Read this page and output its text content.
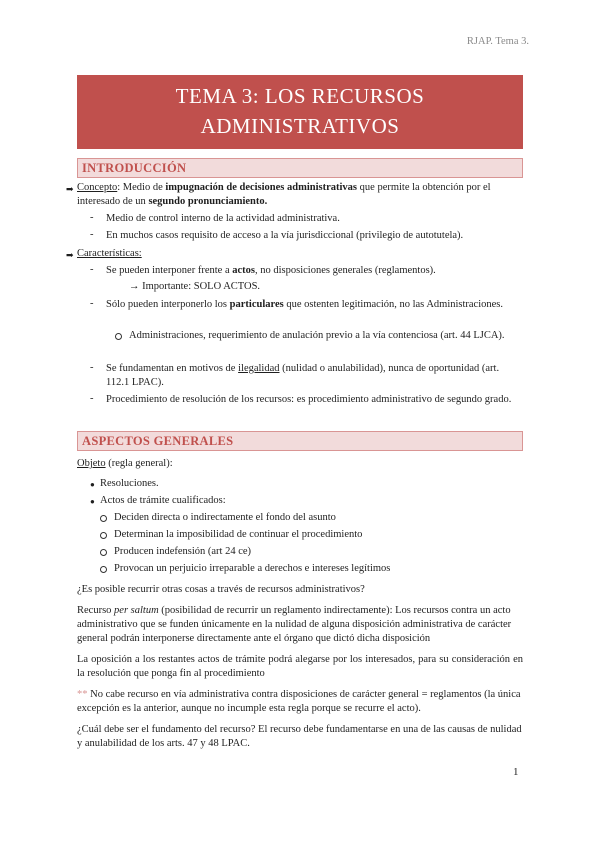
RJAP. Tema 3.
TEMA 3: LOS RECURSOS
ADMINISTRATIVOS
INTRODUCCIÓN
➡ Concepto: Medio de impugnación de decisiones administrativas que permite la obtención por el interesado de un segundo pronunciamiento.
- Medio de control interno de la actividad administrativa.
- En muchos casos requisito de acceso a la vía jurisdiccional (privilegio de autotutela).
➡ Características:
- Se pueden interponer frente a actos, no disposiciones generales (reglamentos).
→ Importante: SOLO ACTOS.
- Sólo pueden interponerlo los particulares que ostenten legitimación, no las Administraciones.
Administraciones, requerimiento de anulación previo a la vía contenciosa (art. 44 LJCA).
- Se fundamentan en motivos de ilegalidad (nulidad o anulabilidad), nunca de oportunidad (art. 112.1 LPAC).
- Procedimiento de resolución de los recursos: es procedimiento administrativo de segundo grado.
ASPECTOS GENERALES
Objeto (regla general):
● Resoluciones.
● Actos de trámite cualificados:
Deciden directa o indirectamente el fondo del asunto
Determinan la imposibilidad de continuar el procedimiento
Producen indefensión (art 24 ce)
Provocan un perjuicio irreparable a derechos e intereses legítimos
¿Es posible recurrir otras cosas a través de recursos administrativos?
Recurso per saltum (posibilidad de recurrir un reglamento indirectamente): Los recursos contra un acto administrativo que se funden únicamente en la nulidad de alguna disposición administrativa de carácter general podrán interponerse directamente ante el órgano que dictó dicha disposición
La oposición a los restantes actos de trámite podrá alegarse por los interesados, para su consideración en la resolución que ponga fin al procedimiento
** No cabe recurso en vía administrativa contra disposiciones de carácter general = reglamentos (la única excepción es la anterior, aunque no incumple esta regla porque se recurre el acto).
¿Cuál debe ser el fundamento del recurso? El recurso debe fundamentarse en una de las causas de nulidad y anulabilidad de los arts. 47 y 48 LPAC.
1
